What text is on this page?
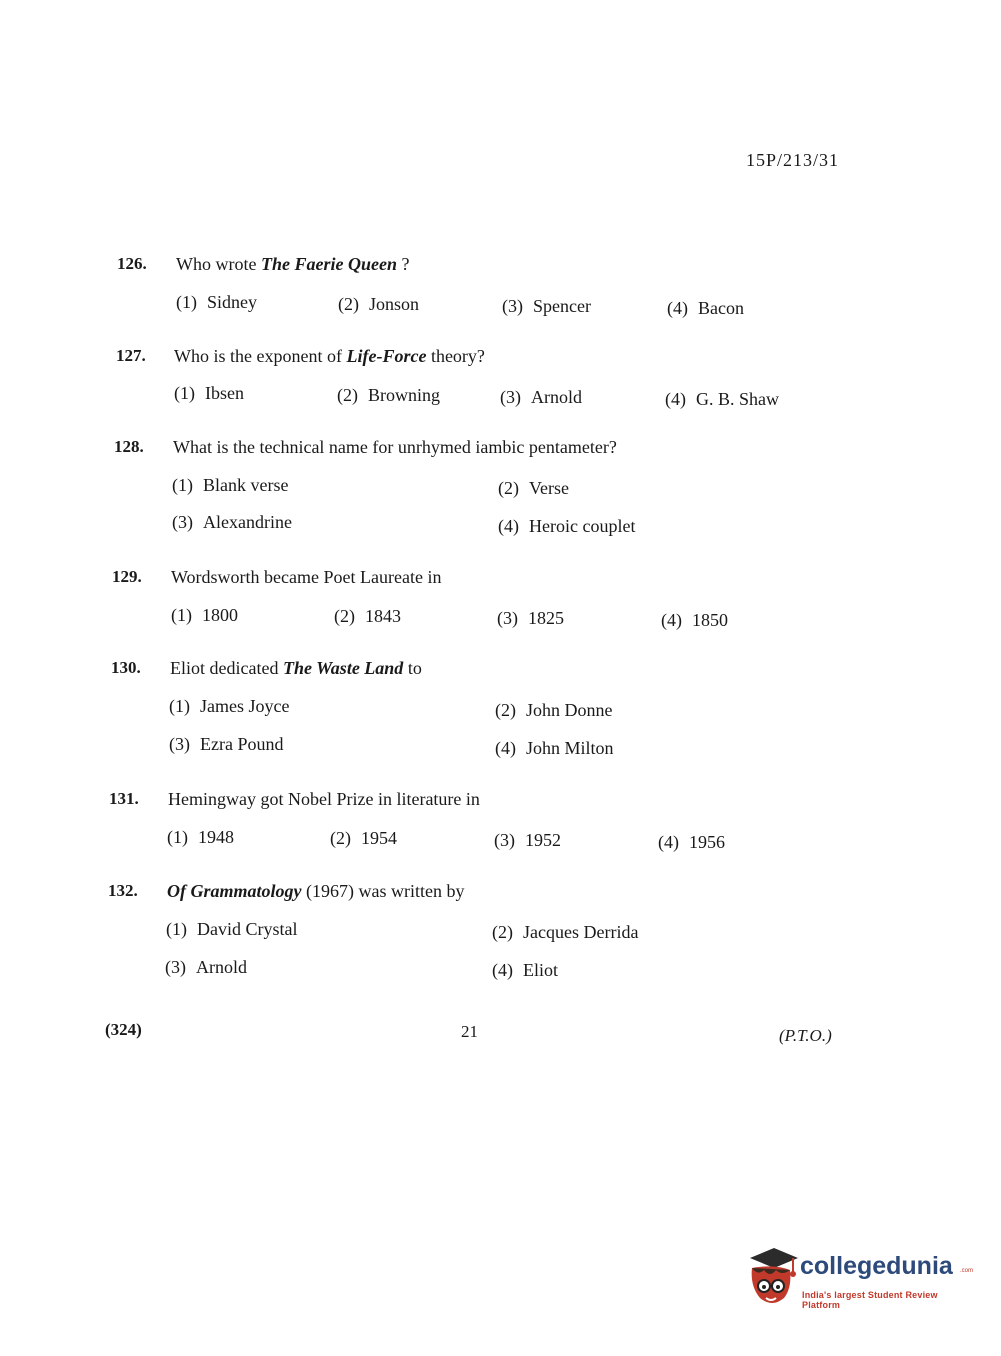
15P/213/31
126. Who wrote The Faerie Queen ?
(1) Sidney	(2) Jonson	(3) Spencer	(4) Bacon
127. Who is the exponent of Life-Force theory?
(1) Ibsen	(2) Browning	(3) Arnold	(4) G. B. Shaw
128. What is the technical name for unrhymed iambic pentameter?
(1) Blank verse	(2) Verse
(3) Alexandrine	(4) Heroic couplet
129. Wordsworth became Poet Laureate in
(1) 1800	(2) 1843	(3) 1825	(4) 1850
130. Eliot dedicated The Waste Land to
(1) James Joyce	(2) John Donne
(3) Ezra Pound	(4) John Milton
131. Hemingway got Nobel Prize in literature in
(1) 1948	(2) 1954	(3) 1952	(4) 1956
132. Of Grammatology (1967) was written by
(1) David Crystal	(2) Jacques Derrida
(3) Arnold	(4) Eliot
(324)	21	(P.T.O.)
collegedunia .com
India's largest Student Review Platform
